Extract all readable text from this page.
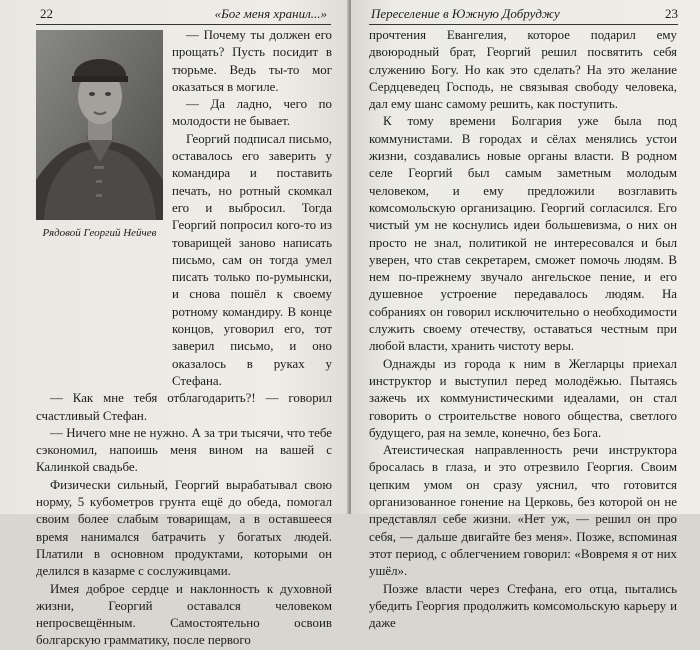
22	«Бог меня хранил...»
Рядовой Георгий Нейчев

— Почему ты должен его прощать? Пусть посидит в тюрьме. Ведь ты-то мог оказаться в могиле.

— Да ладно, чего по молодости не бывает.

Георгий подписал письмо, оставалось его заверить у командира и поставить печать, но ротный скомкал его и выбросил. Тогда Георгий попросил кого-то из товарищей заново написать письмо, сам он тогда умел писать только по-румынски, и снова пошёл к своему ротному командиру. В конце концов, уговорил его, тот заверил письмо, и оно оказалось в руках у Стефана.

— Как мне тебя отблагодарить?! — говорил счастливый Стефан.

— Ничего мне не нужно. А за три тысячи, что тебе сэкономил, напоишь меня вином на вашей с Калинкой свадьбе.

Физически сильный, Георгий вырабатывал свою норму, 5 кубометров грунта ещё до обеда, помогал своим более слабым товарищам, а в оставшееся время нанимался батрачить у богатых людей. Платили в основном продуктами, которыми он делился в казарме с сослуживцами.

Имея доброе сердце и наклонность к духовной жизни, Георгий оставался человеком непросвещённым. Самостоятельно освоив болгарскую грамматику, после первого

Переселение в Южную Добруджу	23

прочтения Евангелия, которое подарил ему двоюродный брат, Георгий решил посвятить себя служению Богу. Но как это сделать? На это желание Сердцеведец Господь, не связывая свободу человека, дал ему шанс самому решить, как поступить.

К тому времени Болгария уже была под коммунистами. В городах и сёлах менялись устои жизни, создавались новые органы власти. В родном селе Георгий был самым заметным молодым человеком, и ему предложили возглавить комсомольскую организацию. Георгий согласился. Его чистый ум не коснулись идеи большевизма, о них он просто не знал, политикой не интересовался и был уверен, что став секретарем, сможет помочь людям. В нем по-прежнему звучало ангельское пение, и его душевное устроение передавалось людям. На собраниях он говорил исключительно о необходимости служить своему отечеству, оставаться честным при любой власти, хранить чистоту веры.

Однажды из города к ним в Жегларцы приехал инструктор и выступил перед молодёжью. Пытаясь зажечь их коммунистическими идеалами, он стал говорить о строительстве нового общества, светлого будущего, рая на земле, конечно, без Бога.

Атеистическая направленность речи инструктора бросалась в глаза, и это отрезвило Георгия. Своим цепким умом он сразу уяснил, что готовится организованное гонение на Церковь, без которой он не представлял себе жизни. «Нет уж, — решил он про себя, — дальше двигайте без меня». Позже, вспоминая этот период, с облегчением говорил: «Вовремя я от них ушёл».

Позже власти через Стефана, его отца, пытались убедить Георгия продолжить комсомольскую карьеру и даже
